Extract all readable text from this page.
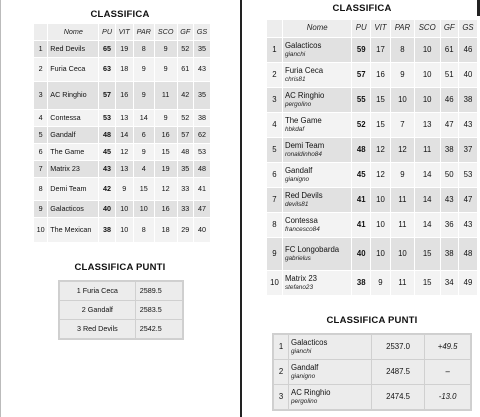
CLASSIFICA
	Nome	PU	VIT	PAR	SCO	GF	GS
1	Red Devils	65	19	8	9	52	35
2	Furia Ceca	63	18	9	9	61	43
3	AC Ringhio	57	16	9	11	42	35
4	Contessa	53	13	14	9	52	38
5	Gandalf	48	14	6	16	57	62
6	The Game	45	12	9	15	48	53
7	Matrix 23	43	13	4	19	35	48
8	Demi Team	42	9	15	12	33	41
9	Galacticos	40	10	10	16	33	47
10	The Mexican	38	10	8	18	29	40
CLASSIFICA PUNTI
1 Furia Ceca	2589.5
2 Gandalf	2583.5
3 Red Devils	2542.5
CLASSIFICA
	Nome	PU	VIT	PAR	SCO	GF	GS
1	Galacticos
gianchi	59	17	8	10	61	46
2	Furia Ceca
chris81	57	16	9	10	51	40
3	AC Ringhio
pergolino	55	15	10	10	46	38
4	The Game
hbkdaf	52	15	7	13	47	43
5	Demi Team
ronaldinho84	48	12	12	11	38	37
6	Gandalf
gianigno	45	12	9	14	50	53
7	Red Devils
devils81	41	10	11	14	43	47
8	Contessa
francesco84	41	10	11	14	36	43
9	FC Longobarda
gabrielus	40	10	10	15	38	48
10	Matrix 23
stefano23	38	9	11	15	34	49
CLASSIFICA PUNTI
1	Galacticos
gianchi	2537.0	+49.5
2	Gandalf
gianigno	2487.5	–
3	AC Ringhio
pergolino	2474.5	-13.0
